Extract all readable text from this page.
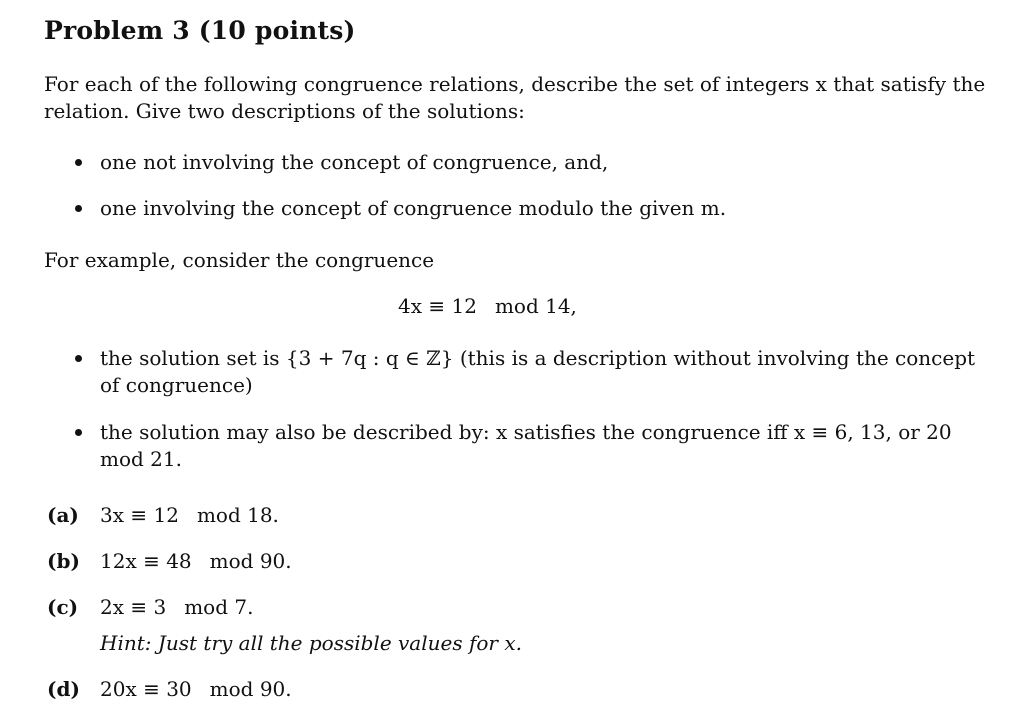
Problem 3 (10 points)
For each of the following congruence relations, describe the set of integers x that satisfy the
relation. Give two descriptions of the solutions:
one not involving the concept of congruence, and,
one involving the concept of congruence modulo the given m.
For example, consider the congruence
4x ≡ 12 mod 14,
the solution set is {3 + 7q : q ∈ ℤ} (this is a description without involving the concept
of congruence)
the solution may also be described by: x satisfies the congruence iff x ≡ 6, 13, or 20
mod 21.
(a) 3x ≡ 12 mod 18.
(b) 12x ≡ 48 mod 90.
(c) 2x ≡ 3 mod 7.
Hint: Just try all the possible values for x.
(d) 20x ≡ 30 mod 90.
